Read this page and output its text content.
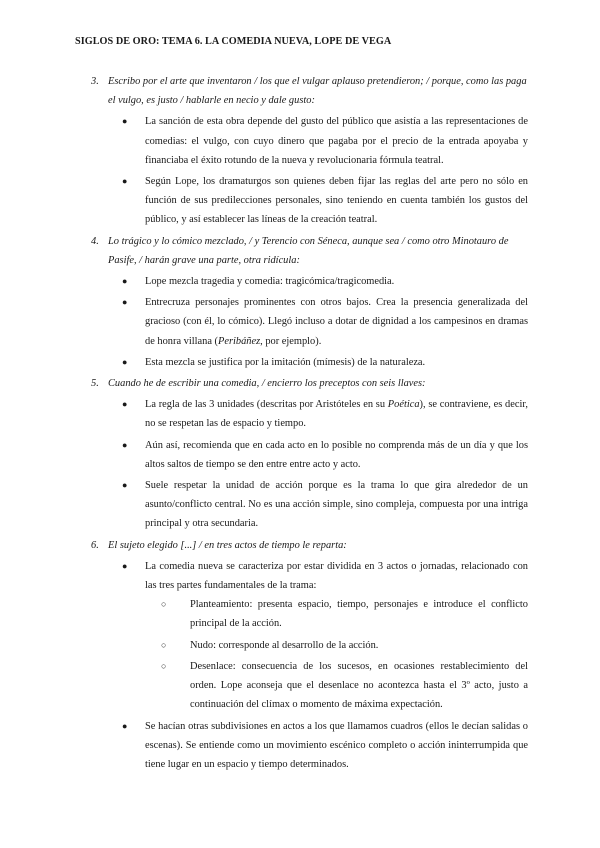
SIGLOS DE ORO: TEMA 6. LA COMEDIA NUEVA, LOPE DE VEGA
3. Escribo por el arte que inventaron / los que el vulgar aplauso pretendieron; / porque, como las paga el vulgo, es justo / hablarle en necio y dale gusto:
● La sanción de esta obra depende del gusto del público que asistía a las representaciones de comedias: el vulgo, con cuyo dinero que pagaba por el precio de la entrada apoyaba y financiaba el éxito rotundo de la nueva y revolucionaria fórmula teatral.
● Según Lope, los dramaturgos son quienes deben fijar las reglas del arte pero no sólo en función de sus predilecciones personales, sino teniendo en cuenta también los gustos del público, y así establecer las líneas de la creación teatral.
4. Lo trágico y lo cómico mezclado, / y Terencio con Séneca, aunque sea / como otro Minotauro de Pasife, / harán grave una parte, otra ridícula:
● Lope mezcla tragedia y comedia: tragicómica/tragicomedia.
● Entrecruza personajes prominentes con otros bajos. Crea la presencia generalizada del gracioso (con él, lo cómico). Llegó incluso a dotar de dignidad a los campesinos en dramas de honra villana (Peribáñez, por ejemplo).
● Esta mezcla se justifica por la imitación (mímesis) de la naturaleza.
5. Cuando he de escribir una comedia, / encierro los preceptos con seis llaves:
● La regla de las 3 unidades (descritas por Aristóteles en su Poética), se contraviene, es decir, no se respetan las de espacio y tiempo.
● Aún así, recomienda que en cada acto en lo posible no comprenda más de un día y que los altos saltos de tiempo se den entre entre acto y acto.
● Suele respetar la unidad de acción porque es la trama lo que gira alrededor de un asunto/conflicto central. No es una acción simple, sino compleja, compuesta por una intriga principal y otra secundaria.
6. El sujeto elegido [...] / en tres actos de tiempo le reparta:
● La comedia nueva se caracteriza por estar dividida en 3 actos o jornadas, relacionado con las tres partes fundamentales de la trama:
○ Planteamiento: presenta espacio, tiempo, personajes e introduce el conflicto principal de la acción.
○ Nudo: corresponde al desarrollo de la acción.
○ Desenlace: consecuencia de los sucesos, en ocasiones restablecimiento del orden. Lope aconseja que el desenlace no acontezca hasta el 3º acto, justo a continuación del clímax o momento de máxima expectación.
● Se hacían otras subdivisiones en actos a los que llamamos cuadros (ellos le decían salidas o escenas). Se entiende como un movimiento escénico completo o acción ininterrumpida que tiene lugar en un espacio y tiempo determinados.
